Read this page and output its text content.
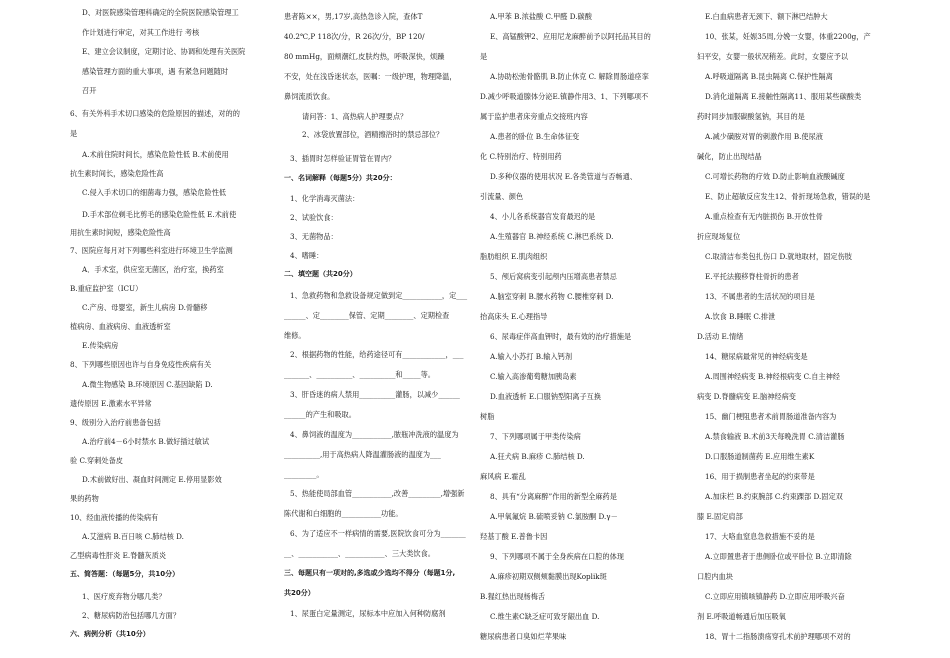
D、对医院感染管理科确定的全院医院感染管理工
作计划进行审定，对其工作进行 考核
E、建立会议制度，定期讨论、协调和处理有关医院
感染管理方面的重大事项，遇 有紧急问题随时
召开
6、有关外科手术切口感染的危险原因的描述，对的的
是
A.术前住院时间长，感染危险性低 B.术前使用
抗生素时间长，感染危险性高
C.侵入手术切口的细菌毒力强，感染危险性低
D.手术部位剃毛比剪毛的感染危险性低 E.术前使
用抗生素时间短，感染危险性高
7、医院应每月对下列哪些科室进行环境卫生学监测
A．手术室，供应室无菌区，治疗室，换药室
B.重症监护室（ICU）
C.产房、母婴室，新生儿病房 D.骨髓移
植病房、血液病房、血液透析室
E.传染病房
8、下列哪些原因也许与自身免疫性疾病有关
A.微生物感染 B.环境原因 C.基因缺陷 D.
遗传原因 E.激素水平异常
9、级别分入治疗前患备包括
A.治疗前4－6小时禁水 B.做好插过敏试
验 C.穿刺处备皮
D.术前做好出、凝血时间测定 E.停用显影效
果的药物
10、经血液传播的传染病有
A.艾滋病 B.百日咳 C.肺结核 D.
乙型病毒性肝炎 E.脊髓灰质炎
五、简答题：（每题5分，共10分）
1、医疗废弃物分哪几类？
2、糖尿病防治包括哪几方面？
六、病例分析（共10分）
患者陈××，男,17岁,高热急诊入院，查体T
40.2℃,P 118次/分，R 26次/分，BP 120/
80 mmHg，面颊潮红,皮肤灼热，呼吸深快，烦躁
不安，处在浅昏迷状态，医嘱：一级护理，物理降温，
鼻饲流质饮食。
请问答：1、高热病人护理要点？
2、冰袋放置部位，酒精擦浴时的禁忌部位？
3、插胃时怎样验证胃管在胃内？
一、名词解释（每题5分）共20分：
1、化学消毒灭菌法：
2、试验饮食：
3、无菌物品：
4、嗜睡：
二、填空题（共20分）
1、急救药物和急救设备规定做到定___________，定___
______、定________保管、定期________、定期检查
维修。
2、根据药物的性能，给药途径可有____________，___
_______、__________、__________和_____等。
3、肝昏迷的病人禁用__________灌肠，以减少______
______的产生和吸取。
4、鼻饲液的温度为___________,脓瓶冲洗液的温度为
__________,用于高热病人降温灌肠液的温度为___
_________。
5、热能使局部血管___________,改善_________,增强新
陈代谢和白细胞的___________功能。
6、为了适应不一样病情的需要,医院饮食可分为_______
__、___________、___________、三大类饮食。
三、每题只有一项对的,多选或少选均不得分（每题1分,
共20分）
1、尿蛋白定量测定，尿标本中应加入何种防腐剂
A.甲苯 B.浓盐酸 C.甲醛 D.碳酸
E、高锰酸钾2、应用尼龙麻醉前予以阿托品其目的
是
A.协助松弛骨骼肌 B.防止休克 C. 解除胃肠道痉挛
D.减少呼吸道腺体分泌E.镇静作用3、1、下列哪项不
属于监护患者床旁重点交接班内容
A.患者的卧位 B.生命体征变
化 C.特别治疗、特别用药
D.多种仪器的使用状况 E.各类管道与否畅通、
引流量、颜色
4、小儿各系统器官发育最迟的是
A.生殖器官 B.神经系统 C.淋巴系统 D.
脂肪组织 E.肌肉组织
5、颅后窝病变引起颅内压增高患者禁忌
A.脑室穿刺 B.腰水药物 C.腰椎穿刺 D.
抬高床头 E.心理指导
6、尿毒症伴高血钾时，最有效的治疗措施是
A.输入小苏打 B.输入钙剂
C.输入高渗葡萄糖加胰岛素
D.血液透析 E.口服钠型阳离子互换
树脂
7、下列哪项属于甲类传染病
A.狂犬病 B.麻疹 C.肺结核 D.
麻风病 E.霍乱
8、具有“分离麻醉”作用的新型全麻药是
A.甲氧氟烷 B.硫喷妥钠 C.氯胺酮 D.γ－
羟基丁酸 E.普鲁卡因
9、下列哪项不属于全身疾病在口腔的体现
A.麻疹初期双侧颊黏膜出现Koplik斑
B.猩红热出现杨梅舌
C.维生素C缺乏症可致牙龈出血 D.
糖尿病患者口臭如烂苹果味
E.白血病患者无颈下、额下淋巴结肿大
10、张某，妊娠35周,分娩一女婴，体重2200g，产
妇平安，女婴一般状况稍差。此时，女婴应予以
A.呼吸道隔离 B.昆虫隔离 C.保护性隔离
D.消化道隔离 E.接触性隔离11、服用某些碳酸类
药时同步加服碳酸氢钠，其目的是
A.减少磺胺对胃的刺激作用 B.使尿液
碱化，防止出现结晶
C.可增长药物的疗效 D.防止影响血液酸碱度
E、防止超敏反应发生12、骨折现场急救，错误的是
A.重点检查有无内脏损伤 B.开放性骨
折应现场复位
C.取清洁布类包扎伤口 D.就地取材，固定伤肢
E.平托法搬移脊柱骨折的患者
13、不属患者的生活状况的项目是
A.饮食 B.睡眠 C.排泄
D.活动 E.情绪
14、糖尿病最常见的神经病变是
A.周围神经病变 B.神经根病变 C.自主神经
病变 D.脊髓病变 E.脑神经病变
15、幽门梗阻患者术前胃肠道准备内容为
A.禁食输液 B.术前3天每晚洗胃 C.清洁灌肠
D.口服肠道制菌药 E.应用维生素K
16、用于损制患者坐起的约束带是
A.加床栏 B.约束腕部 C.约束踝部 D.固定双
膝 E.固定肩部
17、大咯血窒息急救措施不妥的是
A.立即置患者于患侧卧位或平卧位 B.立即清除
口腔内血块
C.立即应用镇咳镇静药 D.立即应用呼吸兴奋
剂 E.呼吸道畅通后加压吸氧
18、胃十二指肠溃疡穿孔术前护理哪项不对的
